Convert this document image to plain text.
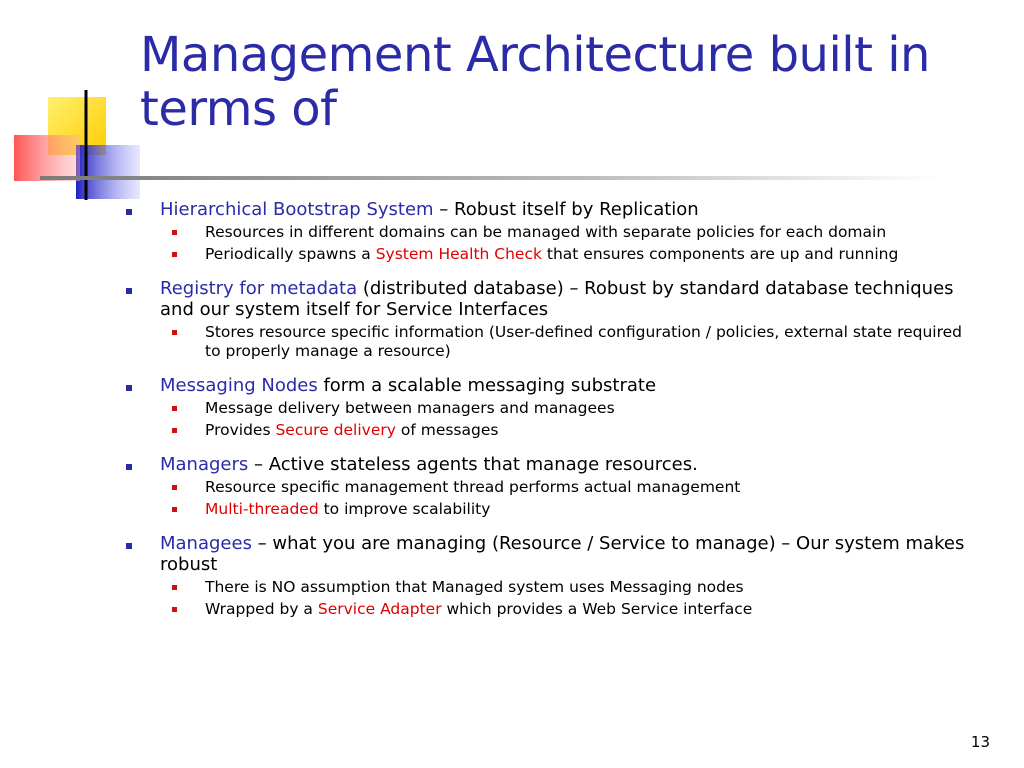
Management Architecture built in terms of
Hierarchical Bootstrap System – Robust itself by Replication
Resources in different domains can be managed with separate policies for each domain
Periodically spawns a System Health Check that ensures components are up and running
Registry for metadata (distributed database) – Robust by standard database techniques and our system itself for Service Interfaces
Stores resource specific information (User-defined configuration / policies, external state required to properly manage a resource)
Messaging Nodes form a scalable messaging substrate
Message delivery between managers and managees
Provides Secure delivery of messages
Managers – Active stateless agents that manage resources.
Resource specific management thread performs actual management
Multi-threaded to improve scalability
Managees – what you are managing (Resource / Service to manage) – Our system makes robust
There is NO assumption that Managed system uses Messaging nodes
Wrapped by a Service Adapter which provides a Web Service interface
13
